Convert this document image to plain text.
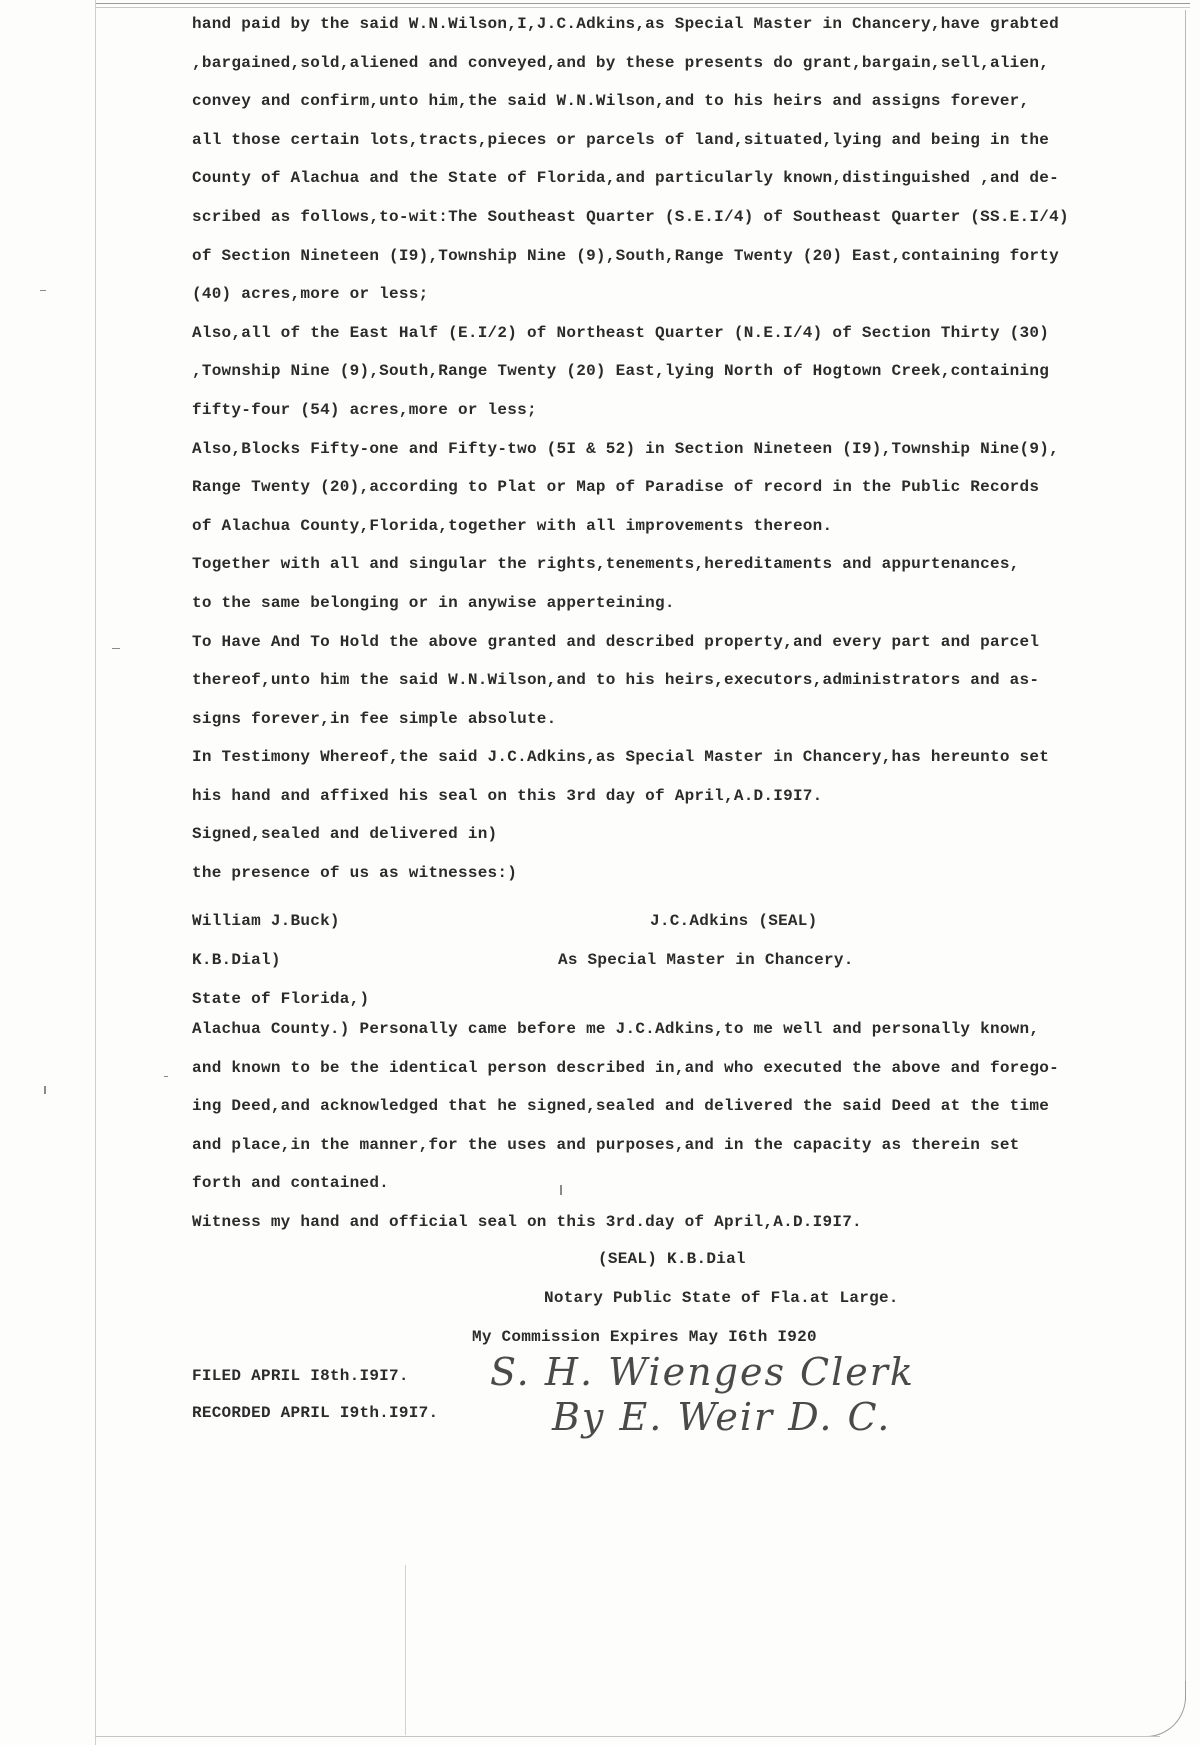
hand paid by the said W.N.Wilson,I,J.C.Adkins,as Special Master in Chancery,have grabted
,bargained,sold,aliened and conveyed,and by these presents do grant,bargain,sell,alien,
convey and confirm,unto him,the said W.N.Wilson,and to his heirs and assigns forever,
all those certain lots,tracts,pieces or parcels of land,situated,lying and being in the
County of Alachua and the State of Florida,and particularly known,distinguished ,and de-
scribed as follows,to-wit:The Southeast Quarter (S.E.I/4) of Southeast Quarter (SS.E.I/4)
of Section Nineteen (I9),Township Nine (9),South,Range Twenty (20) East,containing forty
(40) acres,more or less;
Also,all of the East Half (E.I/2) of Northeast Quarter (N.E.I/4) of Section Thirty (30)
,Township Nine (9),South,Range Twenty (20) East,lying North of Hogtown Creek,containing
fifty-four (54) acres,more or less;
Also,Blocks Fifty-one and Fifty-two (5I & 52) in Section Nineteen (I9),Township Nine(9),
Range Twenty (20),according to Plat or Map of Paradise of record in the Public Records
of Alachua County,Florida,together with all improvements thereon.
Together with all and singular the rights,tenements,hereditaments and appurtenances,
to the same belonging or in anywise apperteining.
To Have And To Hold the above granted and described property,and every part and parcel
thereof,unto him the said W.N.Wilson,and to his heirs,executors,administrators and as-
signs forever,in fee simple absolute.
In Testimony Whereof,the said J.C.Adkins,as Special Master in Chancery,has hereunto set
his hand and affixed his seal on this 3rd day of April,A.D.I9I7.
Signed,sealed and delivered in)
the presence of us as witnesses:)
William J.Buck)	J.C.Adkins (SEAL)
K.B.Dial)	As Special Master in Chancery.
State of Florida,)
Alachua County.) Personally came before me J.C.Adkins,to me well and personally known,
and known to be the identical person described in,and who executed the above and forego-
ing Deed,and acknowledged that he signed,sealed and delivered the said Deed at the time
and place,in the manner,for the uses and purposes,and in the capacity as therein set
forth and contained.
Witness my hand and official seal on this 3rd.day of April,A.D.I9I7.
(SEAL) K.B.Dial
Notary Public State of Fla.at Large.
My Commission Expires May I6th I920
FILED APRIL I8th.I9I7.
RECORDED APRIL I9th.I9I7.
S. H. Wienges Clerk
By E. Weir D. C.
